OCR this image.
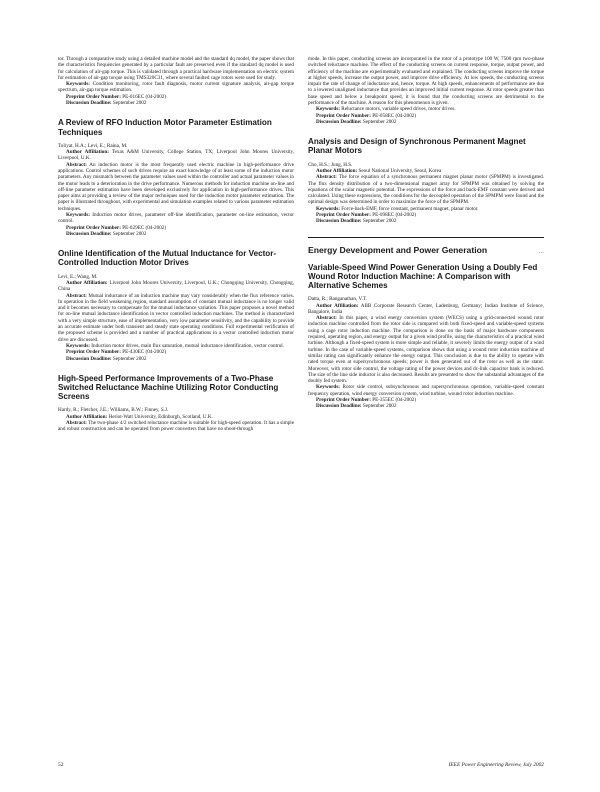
tor. Through a comparative study using a detailed machine model and the standard dq model, the paper shows that the characteristics frequencies generated by a particular fault are preserved even if the standard dq model is used for calculation of air-gap torque. This is validated through a practical hardware implementation on electric system for estimation of air-gap torque using TMS320C31, where several faulted cage rotors were used for study.

Keywords: Condition monitoring, rotor fault diagnosis, motor current signature analysis, air-gap torque spectrum, air-gap torque estimation.

Preprint Order Number: PE-016EC (04-2002)

Discussion Deadline: September 2002

A Review of RFO Induction Motor Parameter Estimation Techniques

Toliyat, H.A.; Levi, E.; Raina, M.

Author Affiliation: Texas A&M University, College Station, TX; Liverpool John Moores University, Liverpool, U.K.

Abstract: An induction motor is the most frequently used electric machine in high-performance drive applications. Control schemes of such drives require an exact knowledge of at least some of the induction motor parameters. Any mismatch between the parameter values used within the controller and actual parameter values in the motor leads to a deterioration in the drive performance. Numerous methods for induction machine on-line and off-line parameter estimation have been developed exclusively for application in high-performance drives. This paper aims at providing a review of the major techniques used for the induction motor parameter estimation. The paper is illustrated throughout, with experimental and simulation examples related to various parameter estimation techniques.

Keywords: Induction motor drives, parameter off-line identification, parameter on-line estimation, vector control.

Preprint Order Number: PE-029EC (04-2002)

Discussion Deadline: September 2002

Online Identification of the Mutual Inductance for Vector-Controlled Induction Motor Drives

Levi, E.; Wang, M.

Author Affiliation: Liverpool John Moores University, Liverpool, U.K.; Chongqing University, Chongqing, China

Abstract: Mutual inductance of an induction machine may vary considerably when the flux reference varies. In operation in the field weakening region, standard assumption of constant mutual inductance is no longer valid and it becomes necessary to compensate for the mutual inductance variation. This paper proposes a novel method for on-line mutual inductance identification in vector controlled induction machines. The method is characterized with a very simple structure, ease of implementation, very low parameter sensitivity, and the capability to provide an accurate estimate under both transient and steady state operating conditions. Full experimental verification of the proposed scheme is provided and a number of practical applications in a vector controlled induction motor drive are discussed.

Keywords: Induction motor drives, main flux saturation, mutual inductance identification, vector control.

Preprint Order Number: PE-430EC (04-2002)

Discussion Deadline: September 2002

High-Speed Performance Improvements of a Two-Phase Switched Reluctance Machine Utilizing Rotor Conducting Screens

Hardy, R.; Fletcher, J.E.; Williams, B.W.; Finney, S.J.

Author Affiliation: Heriot-Watt University, Edinburgh, Scotland, U.K.

Abstract: The two-phase 4/2 switched reluctance machine is suitable for high-speed operation. It has a simple and robust construction and can be operated from power converters that have no shoot-through

mode. In this paper, conducting screens are incorporated in the rotor of a prototype 100 W, 7500 rpm two-phase switched reluctance machine. The effect of the conducting screens on current response, torque, output power, and efficiency of the machine are experimentally evaluated and explained. The conducting screens improve the torque at higher speeds, increase the output power, and improve drive efficiency. At low speeds, the conducting screens impair the rate of change of inductance and, hence, torque. At high speeds, enhancements of performance are due to a lowered unaligned inductance that provides an improved initial current response. At rotor speeds greater than base speed and below a breakpoint speed, it is found that the conducting screens are detrimental to the performance of the machine. A reason for this phenomenon is given.

Keywords: Reluctance motors, variable speed drives, motor drives.

Preprint Order Number: PE-058EC (04-2002)

Discussion Deadline: September 2002

Analysis and Design of Synchronous Permanent Magnet Planar Motors

Cho, H.S.; Jung, H.S.

Author Affiliation: Seoul National University, Seoul, Korea

Abstract: The force equation of a synchronous permanent magnet planar motor (SPMPM) is investigated. The flux density distribution of a two-dimensional magnet array for SPMPM was obtained by solving the equations of the scalar magnetic potential. The expressions of the force and back-EMF constant were derived and calculated. Using these expressions, the conditions for the decoupled operation of the SPMPM were found and the optimal design was determined in order to maximize the force of the SPMPM.

Keywords: Force-back-EMF, force constant, permanent magnet, planar motor.

Preprint Order Number: PE-098EC (04-2002)

Discussion Deadline: September 2002

Energy Development and Power Generation	…
Variable-Speed Wind Power Generation Using a Doubly Fed Wound Rotor Induction Machine: A Comparison with Alternative Schemes

Datta, R.; Ranganathan, V.T.

Author Affiliation: ABB Corporate Research Center, Ladenburg, Germany; Indian Institute of Science, Bangalore, India

Abstract: In this paper, a wind energy conversion system (WECS) using a grid-connected wound rotor induction machine controlled from the rotor side is compared with both fixed-speed and variable-speed systems using a cage rotor induction machine. The comparison is done on the basis of major hardware components required, operating region, and energy output for a given wind profile, using the characteristics of a practical wind turbine. Although a fixed-speed system is more simple and reliable, it severely limits the energy output of a wind turbine. In the case of variable-speed systems, comparison shows that using a wound rotor induction machine of similar rating can significantly enhance the energy output. This conclusion is due to the ability to operate with rated torque even at supersynchronous speeds; power is then generated out of the rotor as well as the stator. Moreover, with rotor side control, the voltage rating of the power devices and dc-link capacitor bank is reduced. The size of the line side inductor is also decreased. Results are presented to show the substantial advantages of the doubly fed system.

Keywords: Rotor side control, subsynchronous and supersynchronous operation, variable-speed constant frequency operation, wind energy conversion system, wind turbine, wound rotor induction machine.

Preprint Order Number: PE-355EC (04-2002)

Discussion Deadline: September 2002

52	IEEE Power Engineering Review, July 2002
